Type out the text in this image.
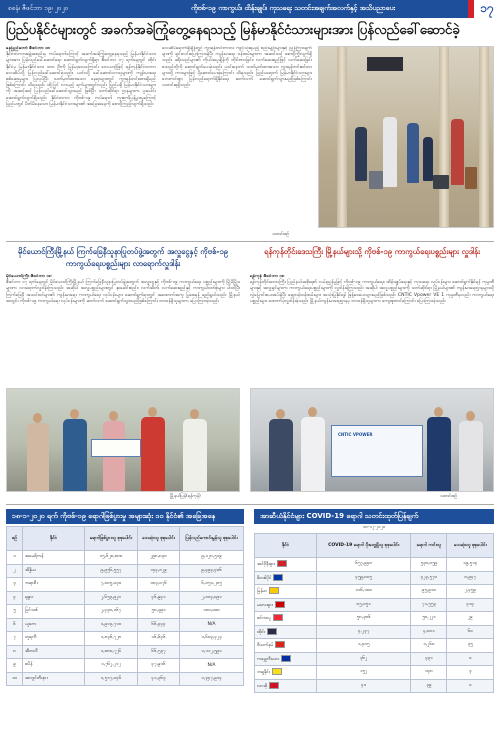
၈၈နံ၊ ဇီဖင်ဘာ ၁၉၊ ၂၀၂၀	ကိုဗစ်-၁၉ ကာကွယ်၊ ထိန်းချုပ်၊ ကုသရေး သတင်းအချက်အလက်နှင့် အသိပညာပေး	၁၇
ပြည်ပနိုင်ငံများတွင် အခက်အခဲကြုံတွေ့နေရသည့် မြန်မာနိုင်ငံသားများအား ပြန်လည်ခေါ်ဆောင်ခဲ့
နေပြည်တော် ဇီဖင်ဘာ ၁၈
နိုင်ငံတကာအဖွဲ့အစည်းမှ ကပ်ရောဂါကြောင့် အခက်အခဲကြုံတွေ့နေရသည့် မြန်မာနိုင်ငံသားများအား ပြန်လည်ခေါ်ဆောင်ရေး ဆောင်ရွက်လျက်ရှိရာ ဇီဖင်ဘာ ၁၇ ရက်နေ့တွင် ထိုင်းနိုင်ငံမှ မြန်မာနိုင်ငံသား ၁၈၀ ဦးကို မြန်မာ့လေကြောင်း လေယာဉ်ဖြင့် ရန်ကုန်နိုင်ငံတကာလေဆိပ်သို့ ပြန်လည်ခေါ်ဆောင်ခဲ့သည်။ ယင်းသို့ ခေါ်ဆောင်လာသူများကို ကျန်းမာရေး စစ်ဆေးမှုများ ပြုလုပ်ပြီး သတ်မှတ်ထားသော နေရာများတွင် ကွာရန်တင်းထားရှိမည် ဖြစ်ကြောင်း သိရသည်။ ထို့ပြင် လာမည့် ရက်များတွင်လည်း ပြည်ပရှိ မြန်မာနိုင်ငံသားများကို အဆင့်ဆင့် ပြန်လည်ခေါ်ဆောင်သွားမည် ဖြစ်ပြီး သက်ဆိုင်ရာ ဌာနများက ပူးပေါင်းဆောင်ရွက်လျက်ရှိသည်။ နိုင်ငံတကာ ကိုဗစ်-၁၉ ကပ်ရောဂါ ကူးစက်ပြန့်ပွားမှုကြောင့် ပြည်ပတွင် ပိတ်မိနေသော မြန်မာနိုင်ငံသားများ၏ အခြေအနေကို စောင့်ကြည့်လျက်ရှိသည်။
လေဆိပ်ရောက်ရှိချိန်တွင် ကွာရန်တင်းကာလ ကျင့်သုံးရမည့် စည်းမျဉ်းများနှင့် ညွှန်ကြားချက်များကို ရှင်းလင်းပြောကြားခဲ့ပြီး ကျန်းမာရေး ဝန်ထမ်းများက အဆင်သင့် စောင့်ကြိုလျက်ရှိသည်။ ခရီးသည်များ၏ ကိုယ်အပူချိန်ကို တိုင်းတာခြင်း၊ လက်ဆေးရည်ဖြင့် လက်ဆေးခြင်း စသည်တို့ကို ဆောင်ရွက်ပေးခဲ့သည်။ ယင်းနောက် သတ်မှတ်ထားသော ကွာရန်တင်းစင်တာများသို့ ကားများဖြင့် ပို့ဆောင်ပေးခဲ့ကြောင်း သိရသည်။ ပြည်ပရောက် မြန်မာနိုင်ငံသားများ ဘေးကင်းစွာ ပြန်လည်ရောက်ရှိနိုင်ရေး ဆက်လက် ဆောင်ရွက်သွားမည်ဖြစ်ကြောင်း သတင်းရရှိသည်။
သတင်းစဉ်
မိုင်ယောင်ကြီးမြို့နယ် ကြက်ခြေနီသူနာပြုတပ်ဖွဲ့အတွက် အလှူငွေနှင့် ကိုဗစ်-၁၉ ကာကွယ်ရေးပစ္စည်းများ လာရောက်လှူဒါန်း
မိုင်ယောင်ကြီး ဇီဖင်ဘာ ၁၈
ဇီဖင်ဘာ ၁၇ ရက်နေ့တွင် မိုင်ယောင်ကြီးမြို့နယ် ကြက်ခြေနီသူနာပြုတပ်ဖွဲ့အတွက် အလှူငွေနှင့် ကိုဗစ်-၁၉ ကာကွယ်ရေး ပစ္စည်းများကို မြို့မိမြို့ဖများက လာရောက်လှူဒါန်းကြသည်။ အဆိုပါ အလှူပစ္စည်းများတွင် နှာခေါင်းစည်း၊ လက်အိတ်၊ လက်ဆေးရည်နှင့် ကာကွယ်ဝတ်စုံများ ပါဝင်ပြီး ကြက်ခြေနီ အသင်းဝင်များ၏ ကျန်းမာရေး ကာကွယ်ရေး လုပ်ငန်းများ ဆောင်ရွက်ရာတွင် အထောက်အကူ ပြုစေရန် ရည်ရွယ်သည်။ မြို့နယ်အတွင်း ကိုဗစ်-၁၉ ကာကွယ်ရေး လုပ်ငန်းများကို ဆက်လက် ဆောင်ရွက်သွားမည်ဖြစ်ကြောင်း တာဝန်ရှိသူများက ပြောကြားခဲ့သည်။
မြို့နယ်ပြန်(ရန်ကုန်)
ရန်ကုန်တိုင်းဒေသကြီး မြို့နယ်များသို့ ကိုဗစ်-၁၉ ကာကွယ်ရေးပစ္စည်းများ လှူဒါန်း
ရန်ကုန် ဇီဖင်ဘာ ၁၈
ရန်ကုန်တိုင်းဒေသကြီး ပြည်နယ်အစိုးရ၏ လမ်းညွှန်မှုဖြင့် ကိုဗစ်-၁၉ ကာကွယ်ရေး၊ ထိန်းချုပ်ရေးနှင့် ကုသရေး လုပ်ငန်းများ ဆောင်ရွက်နိုင်ရန် ကုမ္ပဏီများနှင့် အလှူရှင်များက ကာကွယ်ရေးပစ္စည်းများကို လှူဒါန်းခဲ့ကြသည်။ အဆိုပါ အလှူပစ္စည်းများကို သက်ဆိုင်ရာ မြို့နယ်များ၏ ကျန်းမာရေးဌာနများသို့ လွှဲပြောင်းပေးအပ်ခဲ့ပြီး ရှေ့တန်းဝန်ထမ်းများ အသုံးပြုနိုင်ရန် ဖြန့်ဝေပေးသွားမည်ဖြစ်သည်။ CNTIC Vpower VE 1 ကုမ္ပဏီမှလည်း ကာကွယ်ရေး ပစ္စည်းများ ထောက်ပံ့လှူဒါန်းခဲ့သည်။ မြို့နယ်ကျန်းမာရေးဌာနမှ တာဝန်ရှိသူများက ကျေးဇူးတင်ကြောင်း ပြောကြားခဲ့သည်။
CNTIC VPOWER
သတင်းစဉ်
၁၈-၁-၂၀၂၀ ရက် ကိုဗစ်-၁၉ ရောဂါဖြစ်ပွားမှု အများဆုံး ၁၀ နိုင်ငံ၏ အခြေအနေ
စဉ်	နိုင်ငံ	ရောဂါဖြစ်ပွားသူ စုစုပေါင်း	သေဆုံးသူ စုစုပေါင်း	ပြန်လည်ကောင်းမွန်သူ စုစုပေါင်း
၁	အမေရိကန်	၁၅,၆၂၈,၈၈၈	၂၉၈,၈၃၀	၉,၁၂၈,၅၁၉
၂	အိန္ဒိယ	၉,၉၅၆,၅၅၇	၁၄၄,၈၂၉	၉,၄၉၃,၄၀၆
၃	ဘရာဇီး	၇,၀၀၅,၀၃၀	၁၈၃,၀၇၆	၆,၀၅၁,၂၀၅
၄	ရုရှား	၂,၆၅၃,၉၂၈	၄၆,၉၄၁	၂,၁၀၃,၀၉၁
၅	ပြင်သစ်	၂,၄၃၀,၁၆၇	၅၈,၃၉၁	၁၈၀,၀၀၈
၆	ယူကေ	၁,၉၁၃,၇၁၀	၆၆,၄၄၄	N/A
၇	တူရကီ	၁,၈၃၆,၇၂၈	၁၆,၆၄၆	၁,၆၀၃,၄၂၃
၈	အီတလီ	၁,၈၈၀,၇၂၆	၆၆,၅၃၇	၁,၁၁၂,၅၉၁
၉	စပိန်	၁,၇၆၂,၂၁၂	၄၇,၉၁၆	N/A
၁၀	အာဂျင်တီးနား	၁,၅၁၇,၀၄၆	၄၁,၃၆၃	၁,၃၄၇,၉၁၄
အာဆီယံနိုင်ငံများ COVID-19 ရောဂါ သတင်းထုတ်ပြန်ချက်
၁၈-၁၂-၂၀၂၀
နိုင်ငံ	COVID-19 ရောဂါ ပိုးတွေ့ရှိသူ စုစုပေါင်း	ရောဂါ ကင်းသူ	သေဆုံးသူ စုစုပေါင်း
အင်ဒိုနီးရှား	၆၅၇,၉၄၈	၅၃၈,၈၅၉	၁၉,၅၁၄
ဖိလစ်ပိုင်	၄၅၉,၈၀၅	၄၂၃,၅၇၀	၈,၉၄၇
မြန်မာ	၁၁၆,၁၀၀	၉၅,၉၁၀	၂,၄၅၉
မလေးရှား	၈၅,၀၅၁	၇၁,၅၅၃	၄၁၄
စင်ကာပူ	၅၈,၃၈၆	၅၈,၂၂၁	၂၉
ထိုင်း	၄,၂၃၇	၄,၀၀၁	၆၀
ဗီယက်နမ်	၁,၄၀၅	၁,၂၆၀	၃၅
ကမ္ဘောဒီးယား	၃၆၂	၃၃၁	၀
ဘရူနိုင်း	၁၅၂	၁၄၈	၃
လာအို	၄၁	၃၉	၀
